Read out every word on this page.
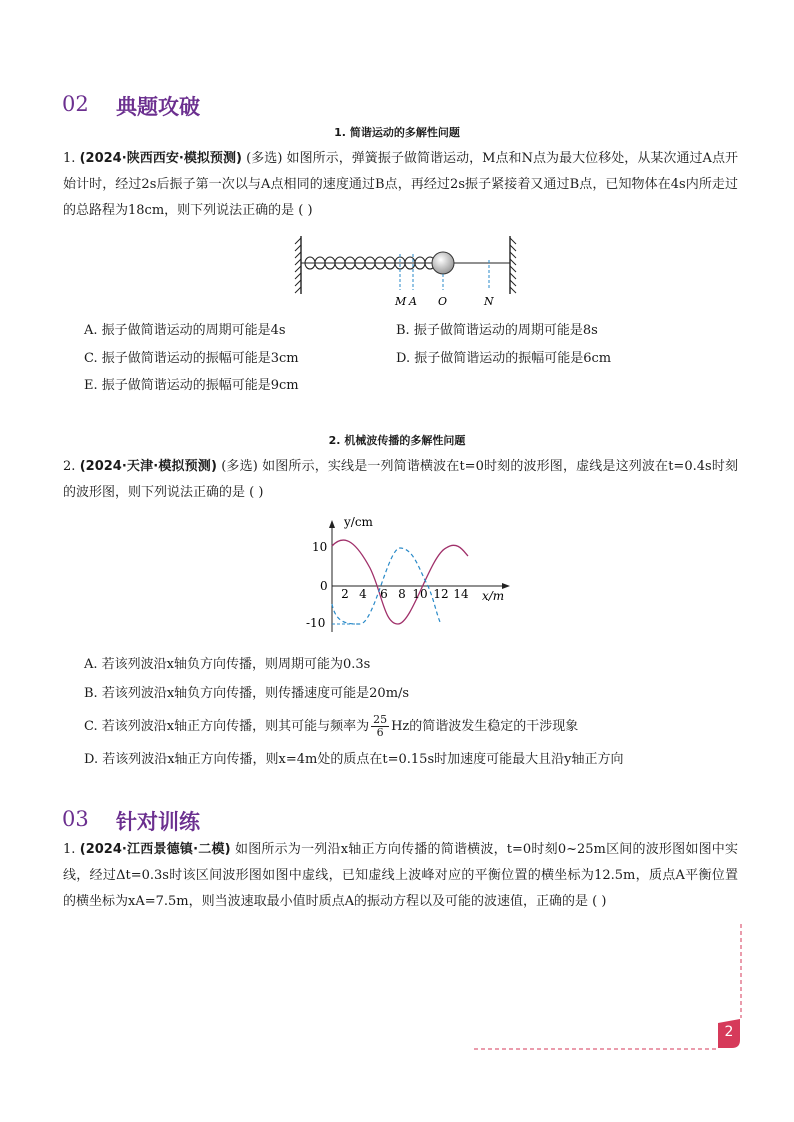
02 典题攻破
1. 简谐运动的多解性问题
1. (2024·陕西西安·模拟预测) (多选) 如图所示，弹簧振子做简谐运动，M点和N点为最大位移处，从某次通过A点开始计时，经过2s后振子第一次以与A点相同的速度通过B点，再经过2s振子紧接着又通过B点，已知物体在4s内所走过的总路程为18cm，则下列说法正确的是 ( )
M A O	N
A. 振子做简谐运动的周期可能是4s	B. 振子做简谐运动的周期可能是8s
C. 振子做简谐运动的振幅可能是3cm	D. 振子做简谐运动的振幅可能是6cm
E. 振子做简谐运动的振幅可能是9cm
2. 机械波传播的多解性问题
2. (2024·天津·模拟预测) (多选) 如图所示，实线是一列简谐横波在t=0时刻的波形图，虚线是这列波在t=0.4s时刻的波形图，则下列说法正确的是 ( )
y/cm
x/m
10
0
-10
2 4 6 8 10 12 14
A. 若该列波沿x轴负方向传播，则周期可能为0.3s
B. 若该列波沿x轴负方向传播，则传播速度可能是20m/s
C. 若该列波沿x轴正方向传播，则其可能与频率为 $\frac{25}{6}$ Hz的简谐波发生稳定的干涉现象
D. 若该列波沿x轴正方向传播，则x=4m处的质点在t=0.15s时加速度可能最大且沿y轴正方向
03 针对训练
1. (2024·江西景德镇·二模) 如图所示为一列沿x轴正方向传播的简谐横波，t=0时刻0~25m区间的波形图如图中实线，经过Δt=0.3s时该区间波形图如图中虚线，已知虚线上波峰对应的平衡位置的横坐标为12.5m，质点A平衡位置的横坐标为xA=7.5m，则当波速取最小值时质点A的振动方程以及可能的波速值，正确的是 ( )
2
